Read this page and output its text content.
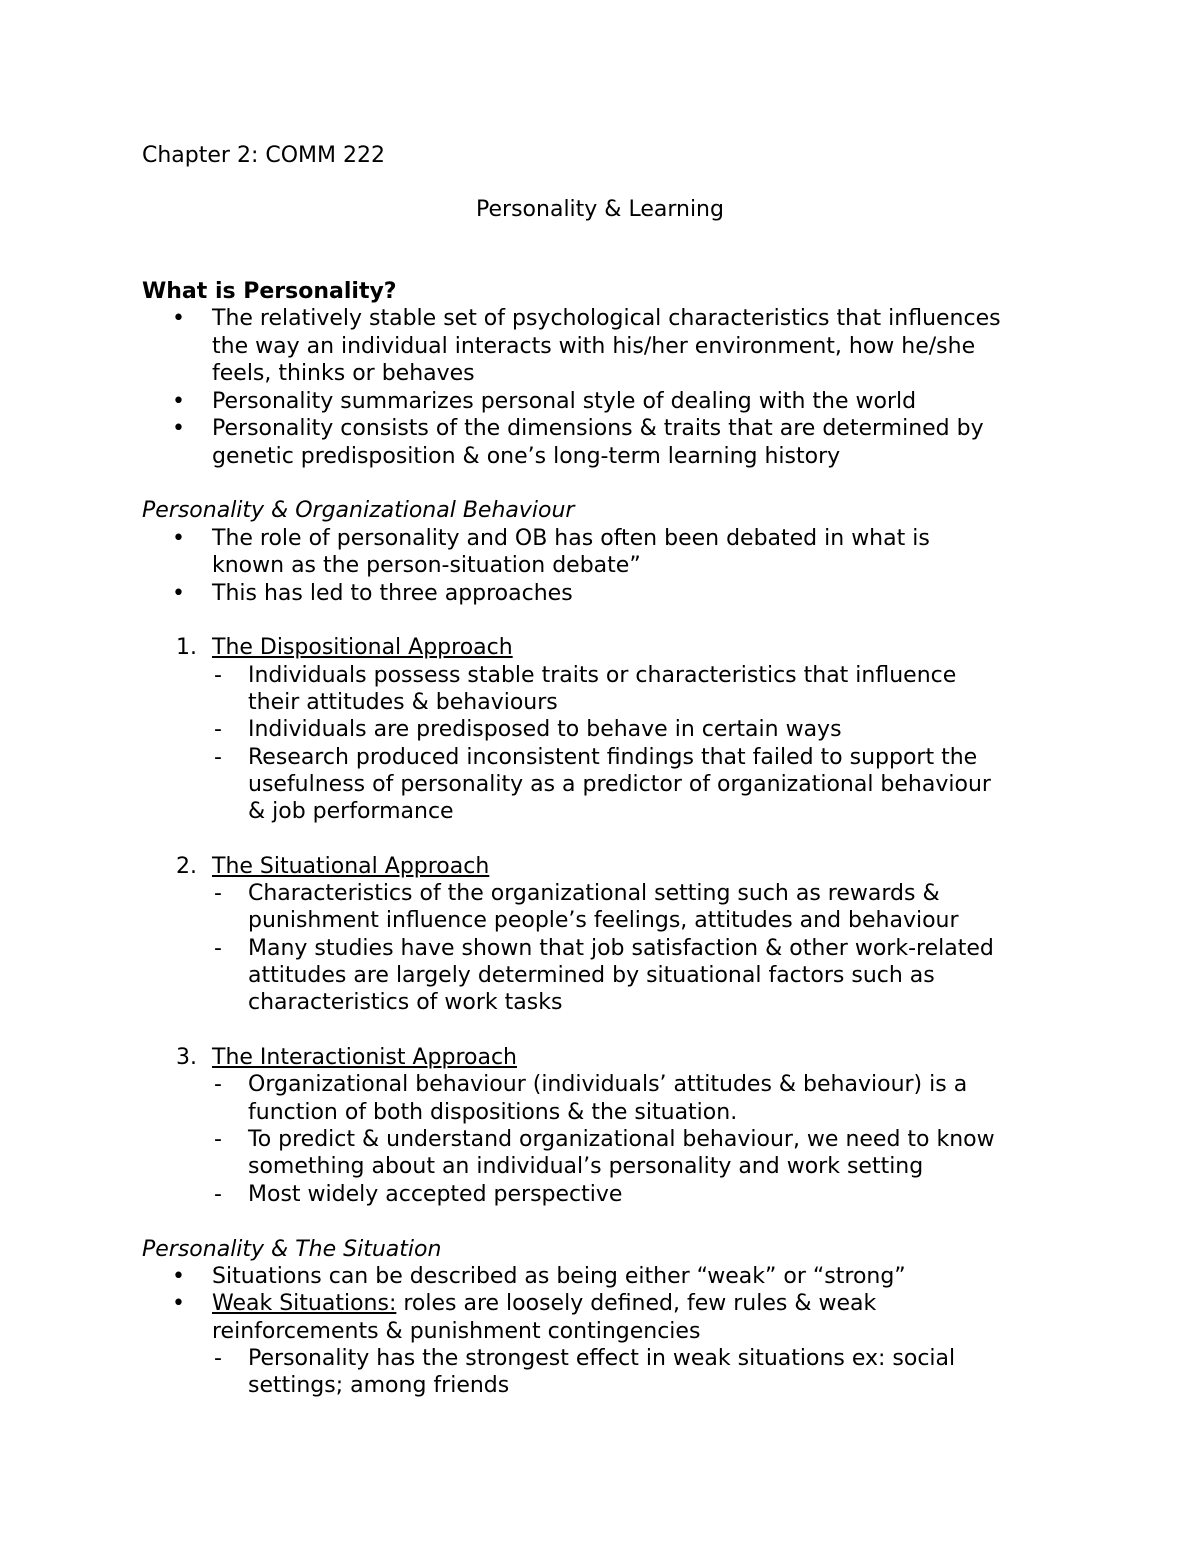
Chapter 2: COMM 222
Personality & Learning
What is Personality?
• The relatively stable set of psychological characteristics that influences
the way an individual interacts with his/her environment, how he/she
feels, thinks or behaves
• Personality summarizes personal style of dealing with the world
• Personality consists of the dimensions & traits that are determined by
genetic predisposition & one’s long-term learning history
Personality & Organizational Behaviour
• The role of personality and OB has often been debated in what is
known as the person-situation debate”
• This has led to three approaches
1. The Dispositional Approach
- Individuals possess stable traits or characteristics that influence
their attitudes & behaviours
- Individuals are predisposed to behave in certain ways
- Research produced inconsistent findings that failed to support the
usefulness of personality as a predictor of organizational behaviour
& job performance
2. The Situational Approach
- Characteristics of the organizational setting such as rewards &
punishment influence people’s feelings, attitudes and behaviour
- Many studies have shown that job satisfaction & other work-related
attitudes are largely determined by situational factors such as
characteristics of work tasks
3. The Interactionist Approach
- Organizational behaviour (individuals’ attitudes & behaviour) is a
function of both dispositions & the situation.
- To predict & understand organizational behaviour, we need to know
something about an individual’s personality and work setting
- Most widely accepted perspective
Personality & The Situation
• Situations can be described as being either “weak” or “strong”
• Weak Situations: roles are loosely defined, few rules & weak
reinforcements & punishment contingencies
- Personality has the strongest effect in weak situations ex: social
settings; among friends
